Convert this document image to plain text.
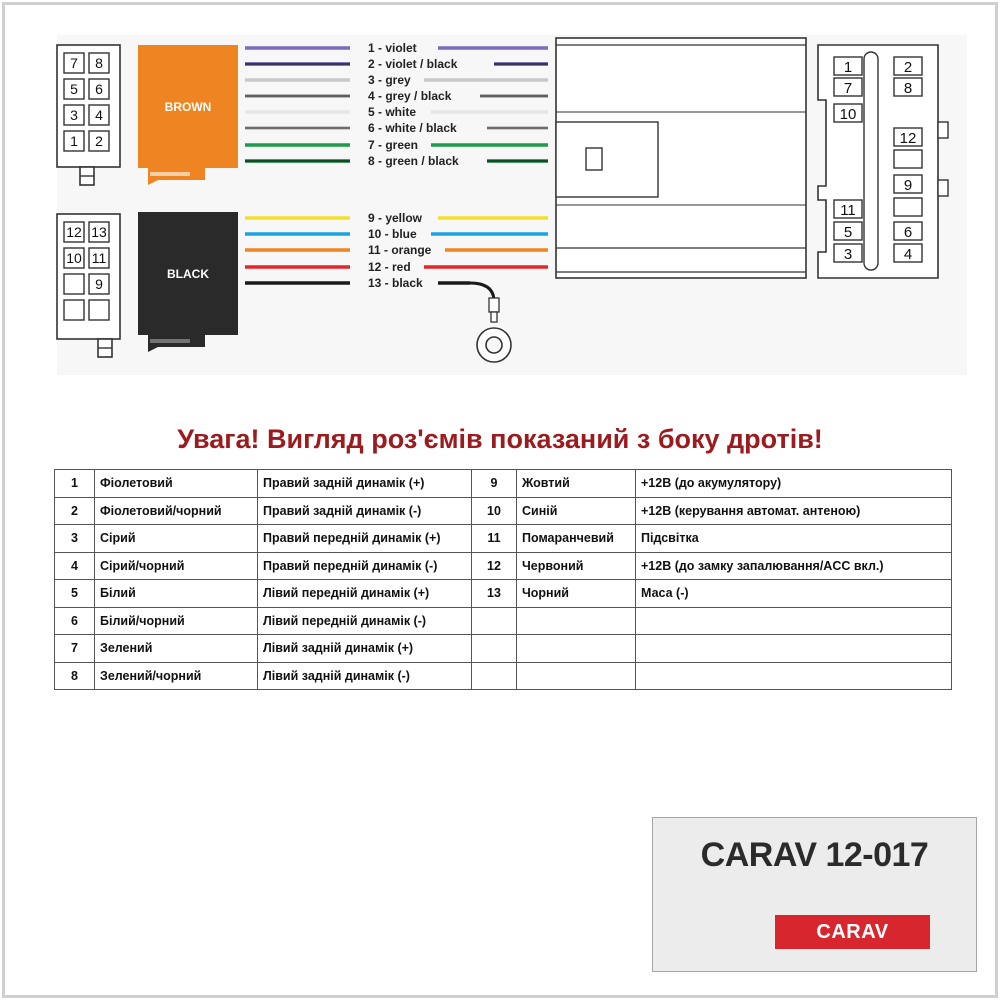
7 8
5 6
3 4
1 2
12 13
10 11
9
BROWN
BLACK
1 - violet
2 - violet / black
3 - grey
4 - grey / black
5 - white
6 - white / black
7 - green
8 - green / black
9 - yellow
10 - blue
11 - orange
12 - red
13 - black
1	2
7	8
10
12
9
11
5	6
3	4
Увага! Вигляд роз'ємів показаний з боку дротів!
1	Фіолетовий	Правий задній динамік (+)	9	Жовтий	+12В (до акумулятору)
2	Фіолетовий/чорний	Правий задній динамік (-)	10	Синій	+12В (керування автомат. антеною)
3	Сірий	Правий передній динамік (+)	11	Помаранчевий	Підсвітка
4	Сірий/чорний	Правий передній динамік (-)	12	Червоний	+12В (до замку запалювання/ACC вкл.)
5	Білий	Лівий передній динамік (+)	13	Чорний	Маса (-)
6	Білий/чорний	Лівий передній динамік (-)			
7	Зелений	Лівий задній динамік (+)			
8	Зелений/чорний	Лівий задній динамік (-)			
CARAV 12-017
CARAV
